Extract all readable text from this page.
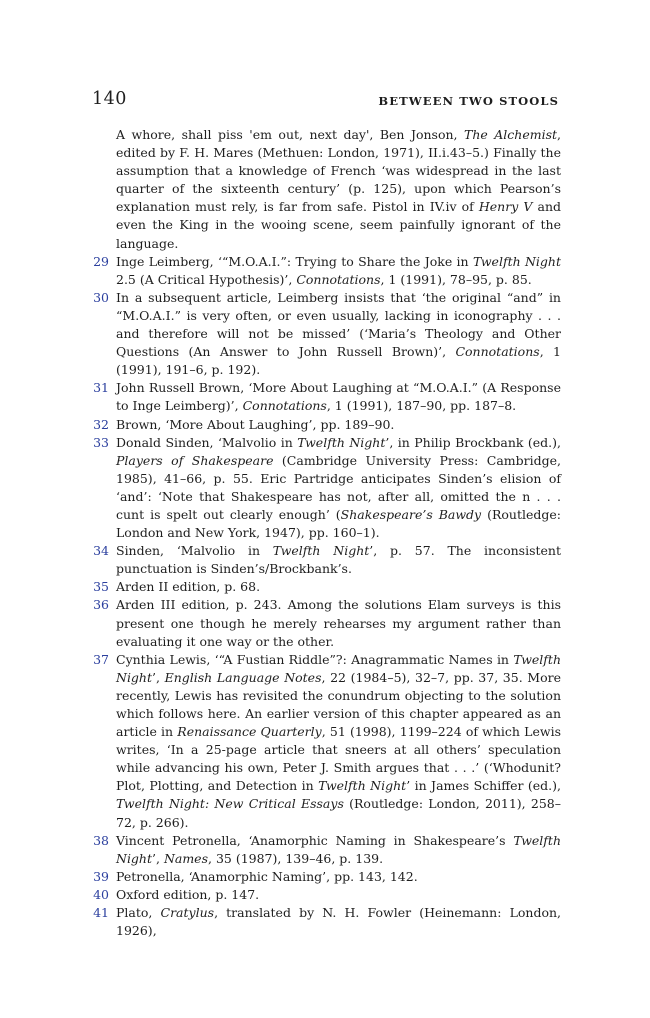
140	BETWEEN TWO STOOLS

A whore, shall piss 'em out, next day', Ben Jonson, The Alchemist, edited by F. H. Mares (Methuen: London, 1971), II.i.43–5.) Finally the assumption that a knowledge of French ‘was widespread in the last quarter of the sixteenth century’ (p. 125), upon which Pearson’s explanation must rely, is far from safe. Pistol in IV.iv of Henry V and even the King in the wooing scene, seem painfully ignorant of the language.

29 Inge Leimberg, ‘“M.O.A.I.”: Trying to Share the Joke in Twelfth Night 2.5 (A Critical Hypothesis)’, Connotations, 1 (1991), 78–95, p. 85.

30 In a subsequent article, Leimberg insists that ‘the original “and” in “M.O.A.I.” is very often, or even usually, lacking in iconography . . . and therefore will not be missed’ (‘Maria’s Theology and Other Questions (An Answer to John Russell Brown)’, Connotations, 1 (1991), 191–6, p. 192).

31 John Russell Brown, ‘More About Laughing at “M.O.A.I.” (A Response to Inge Leimberg)’, Connotations, 1 (1991), 187–90, pp. 187–8.

32 Brown, ‘More About Laughing’, pp. 189–90.

33 Donald Sinden, ‘Malvolio in Twelfth Night’, in Philip Brockbank (ed.), Players of Shakespeare (Cambridge University Press: Cambridge, 1985), 41–66, p. 55. Eric Partridge anticipates Sinden’s elision of ‘and’: ‘Note that Shakespeare has not, after all, omitted the n . . . cunt is spelt out clearly enough’ (Shakespeare’s Bawdy (Routledge: London and New York, 1947), pp. 160–1).

34 Sinden, ‘Malvolio in Twelfth Night’, p. 57. The inconsistent punctuation is Sinden’s/Brockbank’s.

35 Arden II edition, p. 68.

36 Arden III edition, p. 243. Among the solutions Elam surveys is this present one though he merely rehearses my argument rather than evaluating it one way or the other.

37 Cynthia Lewis, ‘“A Fustian Riddle”?: Anagrammatic Names in Twelfth Night’, English Language Notes, 22 (1984–5), 32–7, pp. 37, 35. More recently, Lewis has revisited the conundrum objecting to the solution which follows here. An earlier version of this chapter appeared as an article in Renaissance Quarterly, 51 (1998), 1199–224 of which Lewis writes, ‘In a 25-page article that sneers at all others’ speculation while advancing his own, Peter J. Smith argues that . . .’ (‘Whodunit? Plot, Plotting, and Detection in Twelfth Night’ in James Schiffer (ed.), Twelfth Night: New Critical Essays (Routledge: London, 2011), 258–72, p. 266).

38 Vincent Petronella, ‘Anamorphic Naming in Shakespeare’s Twelfth Night’, Names, 35 (1987), 139–46, p. 139.

39 Petronella, ‘Anamorphic Naming’, pp. 143, 142.

40 Oxford edition, p. 147.

41 Plato, Cratylus, translated by N. H. Fowler (Heinemann: London, 1926),
